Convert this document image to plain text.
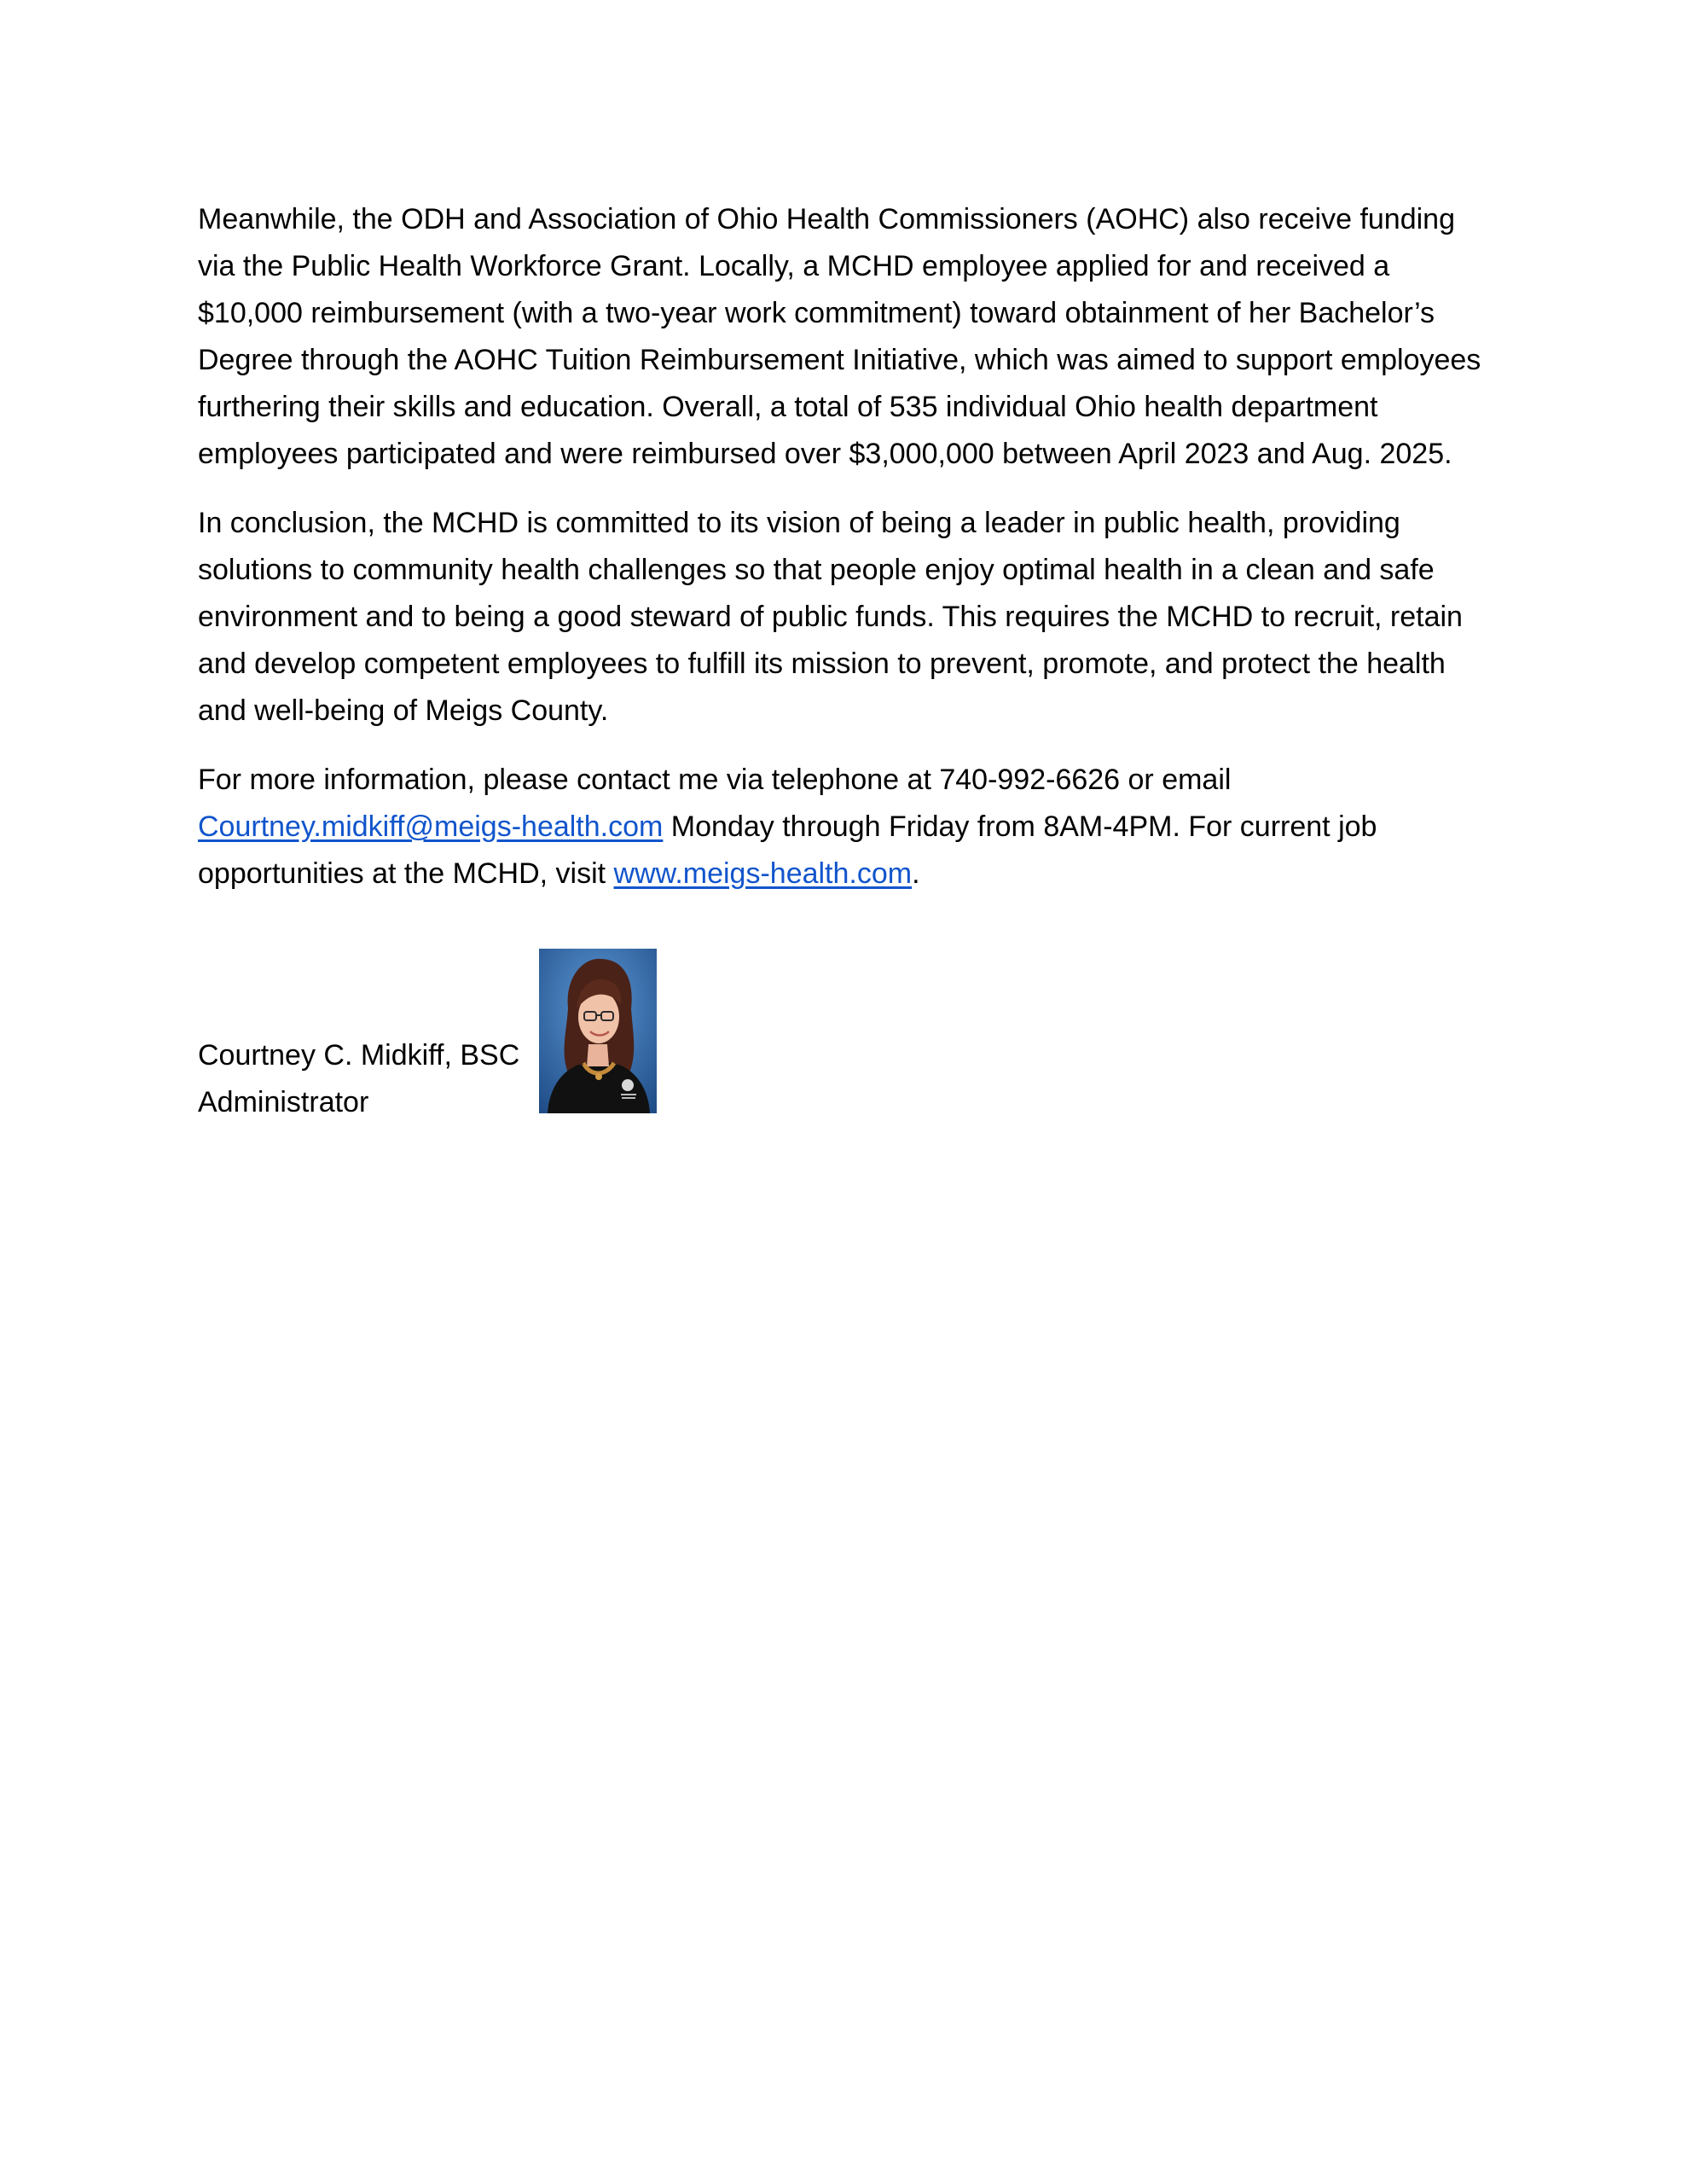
Meanwhile, the ODH and Association of Ohio Health Commissioners (AOHC) also receive funding via the Public Health Workforce Grant. Locally, a MCHD employee applied for and received a $10,000 reimbursement (with a two-year work commitment) toward obtainment of her Bachelor’s Degree through the AOHC Tuition Reimbursement Initiative, which was aimed to support employees furthering their skills and education. Overall, a total of 535 individual Ohio health department employees participated and were reimbursed over $3,000,000 between April 2023 and Aug. 2025.

In conclusion, the MCHD is committed to its vision of being a leader in public health, providing solutions to community health challenges so that people enjoy optimal health in a clean and safe environment and to being a good steward of public funds. This requires the MCHD to recruit, retain and develop competent employees to fulfill its mission to prevent, promote, and protect the health and well-being of Meigs County.

For more information, please contact me via telephone at 740-992-6626 or email Courtney.midkiff@meigs-health.com Monday through Friday from 8AM-4PM. For current job opportunities at the MCHD, visit www.meigs-health.com.

Courtney C. Midkiff, BSC
Administrator
